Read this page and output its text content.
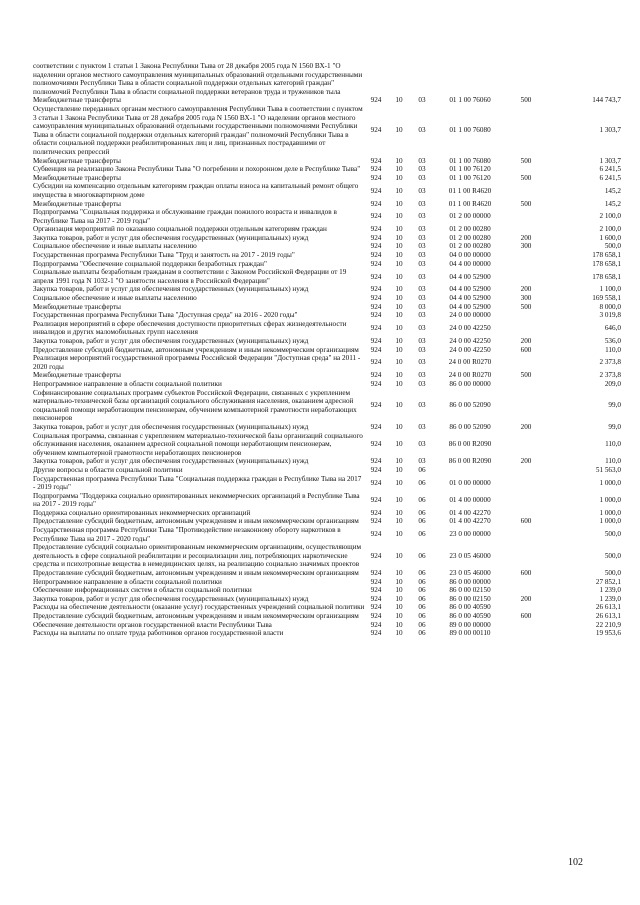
соответствии с пунктом 1 статьи 1 Закона Республики Тыва от 28 декабря 2005 года N 1560 ВХ-1 "О наделении органов местного самоуправления муниципальных образований отдельными государственными полномочиями Республики Тыва в области социальной поддержки отдельных категорий граждан" полномочий Республики Тыва в области социальной поддержки ветеранов труда и тружеников тыла						
Межбюджетные трансферты	924	10	03	01 1 00 76060	500	144 743,7
Осуществление переданных органам местного самоуправления Республики Тыва в соответствии с пунктом 3 статьи 1 Закона Республики Тыва от 28 декабря 2005 года N 1560 ВХ-1 "О наделении органов местного самоуправления муниципальных образований отдельными государственными полномочиями Республики Тыва в области социальной поддержки отдельных категорий граждан" полномочий Республики Тыва в области социальной поддержки реабилитированных лиц и лиц, признанных пострадавшими от политических репрессий	924	10	03	01 1 00 76080		1 303,7
Межбюджетные трансферты	924	10	03	01 1 00 76080	500	1 303,7
Субвенция на реализацию Закона Республики Тыва "О погребении и похоронном деле в Республике Тыва"	924	10	03	01 1 00 76120		6 241,5
Межбюджетные трансферты	924	10	03	01 1 00 76120	500	6 241,5
Субсидии на компенсацию отдельным категориям граждан оплаты взноса на капитальный ремонт общего имущества в многоквартирном доме	924	10	03	01 1 00 R4620		145,2
Межбюджетные трансферты	924	10	03	01 1 00 R4620	500	145,2
Подпрограмма "Социальная поддержка и обслуживание граждан пожилого возраста и инвалидов в Республике Тыва на 2017 - 2019 годы"	924	10	03	01 2 00 00000		2 100,0
Организация мероприятий по оказанию социальной поддержки отдельным категориям граждан	924	10	03	01 2 00 00280		2 100,0
Закупка товаров, работ и услуг для обеспечения государственных (муниципальных) нужд	924	10	03	01 2 00 00280	200	1 600,0
Социальное обеспечение и иные выплаты населению	924	10	03	01 2 00 00280	300	500,0
Государственная программа Республики Тыва "Труд и занятость на 2017 - 2019 годы"	924	10	03	04 0 00 00000		178 658,1
Подпрограмма "Обеспечение социальной поддержки безработных граждан"	924	10	03	04 4 00 00000		178 658,1
Социальные выплаты безработным гражданам в соответствии с Законом Российской Федерации от 19 апреля 1991 года N 1032-1 "О занятости населения в Российской Федерации"	924	10	03	04 4 00 52900		178 658,1
Закупка товаров, работ и услуг для обеспечения государственных (муниципальных) нужд	924	10	03	04 4 00 52900	200	1 100,0
Социальное обеспечение и иные выплаты населению	924	10	03	04 4 00 52900	300	169 558,1
Межбюджетные трансферты	924	10	03	04 4 00 52900	500	8 000,0
Государственная программа Республики Тыва "Доступная среда" на 2016 - 2020 годы"	924	10	03	24 0 00 00000		3 019,8
Реализация мероприятий в сфере обеспечения доступности приоритетных сферах жизнедеятельности инвалидов и других маломобильных групп населения	924	10	03	24 0 00 42250		646,0
Закупка товаров, работ и услуг для обеспечения государственных (муниципальных) нужд	924	10	03	24 0 00 42250	200	536,0
Предоставление субсидий бюджетным, автономным учреждениям и иным некоммерческим организациям	924	10	03	24 0 00 42250	600	110,0
Реализация мероприятий государственной программы Российской Федерации "Доступная среда" на 2011 - 2020 годы	924	10	03	24 0 00 R0270		2 373,8
Межбюджетные трансферты	924	10	03	24 0 00 R0270	500	2 373,8
Непрограммное направление в области социальной политики	924	10	03	86 0 00 00000		209,0
Софинансирование социальных программ субъектов Российской Федерации, связанных с укреплением материально-технической базы организаций социального обслуживания населения, оказанием адресной социальной помощи неработающим пенсионерам, обучением компьютерной грамотности неработающих пенсионеров	924	10	03	86 0 00 52090		99,0
Закупка товаров, работ и услуг для обеспечения государственных (муниципальных) нужд	924	10	03	86 0 00 52090	200	99,0
Социальная программа, связанная с укреплением материально-технической базы организаций социального обслуживания населения, оказанием адресной социальной помощи неработающим пенсионерам, обучением компьютерной грамотности неработающих пенсионеров	924	10	03	86 0 00 R2090		110,0
Закупка товаров, работ и услуг для обеспечения государственных (муниципальных) нужд	924	10	03	86 0 00 R2090	200	110,0
Другие вопросы в области социальной политики	924	10	06			51 563,0
Государственная программа Республики Тыва "Социальная поддержка граждан в Республике Тыва на 2017 - 2019 годы"	924	10	06	01 0 00 00000		1 000,0
Подпрограмма "Поддержка социально ориентированных некоммерческих организаций в Республике Тыва на 2017 - 2019 годы"	924	10	06	01 4 00 00000		1 000,0
Поддержка социально ориентированных некоммерческих организаций	924	10	06	01 4 00 42270		1 000,0
Предоставление субсидий бюджетным, автономным учреждениям и иным некоммерческим организациям	924	10	06	01 4 00 42270	600	1 000,0
Государственная программа Республики Тыва "Противодействие незаконному обороту наркотиков в Республике Тыва на 2017 - 2020 годы"	924	10	06	23 0 00 00000		500,0
Предоставление субсидий социально ориентированным некоммерческим организациям, осуществляющим деятельность в сфере социальной реабилитации и ресоциализации лиц, потребляющих наркотические средства и психотропные вещества в немедицинских целях, на реализацию социально значимых проектов	924	10	06	23 0 05 46000		500,0
Предоставление субсидий бюджетным, автономным учреждениям и иным некоммерческим организациям	924	10	06	23 0 05 46000	600	500,0
Непрограммное направление в области социальной политики	924	10	06	86 0 00 00000		27 852,1
Обеспечение информационных систем в области социальной политики	924	10	06	86 0 00 02150		1 239,0
Закупка товаров, работ и услуг для обеспечения государственных (муниципальных) нужд	924	10	06	86 0 00 02150	200	1 239,0
Расходы на обеспечение деятельности (оказание услуг) государственных учреждений социальной политики	924	10	06	86 0 00 40590		26 613,1
Предоставление субсидий бюджетным, автономным учреждениям и иным некоммерческим организациям	924	10	06	86 0 00 40590	600	26 613,1
Обеспечение деятельности органов государственной власти Республики Тыва	924	10	06	89 0 00 00000		22 210,9
Расходы на выплаты по оплате труда работников органов государственной власти	924	10	06	89 0 00 00110		19 953,6
102
